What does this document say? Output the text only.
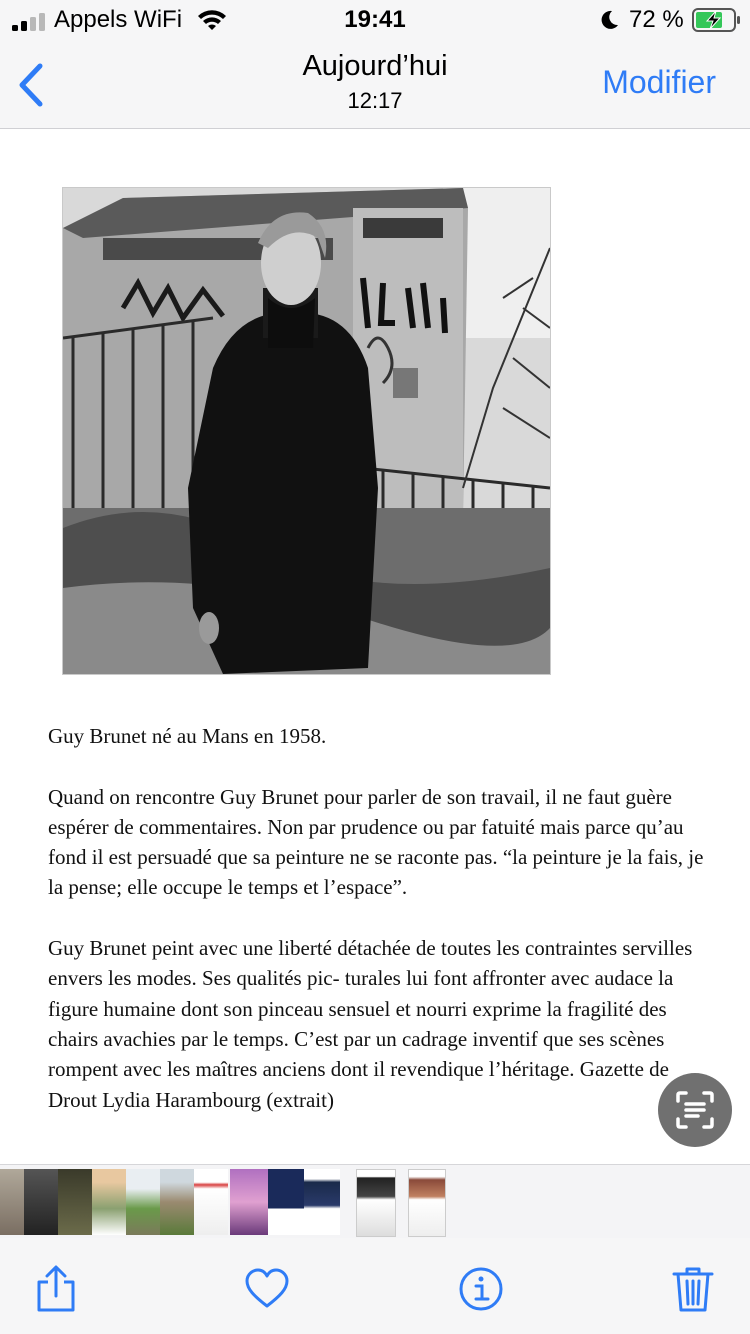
Appels WiFi	19:41	72 %
Aujourd’hui
12:17
Modifier

Guy Brunet né au Mans en 1958.

Quand on rencontre Guy Brunet pour parler de son travail, il ne faut guère espérer de commentaires. Non par prudence ou par fatuité mais parce qu’au fond il est persuadé que sa peinture ne se raconte pas. “la peinture je la fais, je la pense; elle occupe le temps et l’espace”.

Guy Brunet peint avec une liberté détachée de toutes les contraintes servilles envers les modes. Ses qualités pic- turales lui font affronter avec audace la figure humaine dont son pinceau sensuel et nourri exprime la fragilité des chairs avachies par le temps. C’est par un cadrage inventif que ses scènes rompent avec les maîtres anciens dont il revendique l’héritage. Gazette de Drout Lydia Harambourg (extrait)
